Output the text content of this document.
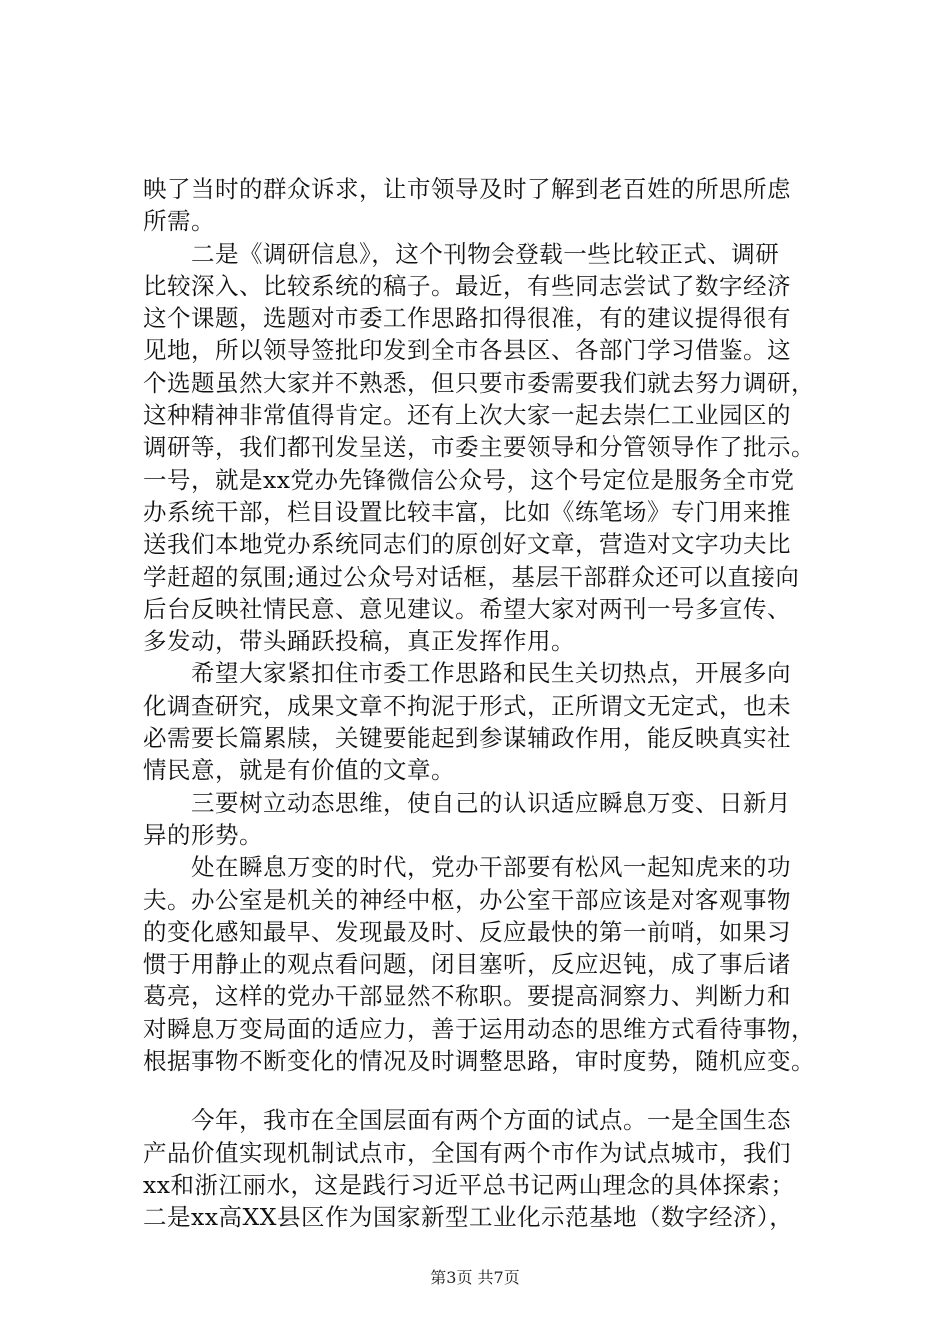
映了当时的群众诉求，让市领导及时了解到老百姓的所思所虑
所需。
　　二是《调研信息》，这个刊物会登载一些比较正式、调研
比较深入、比较系统的稿子。最近，有些同志尝试了数字经济
这个课题，选题对市委工作思路扣得很准，有的建议提得很有
见地，所以领导签批印发到全市各县区、各部门学习借鉴。这
个选题虽然大家并不熟悉，但只要市委需要我们就去努力调研，
这种精神非常值得肯定。还有上次大家一起去崇仁工业园区的
调研等，我们都刊发呈送，市委主要领导和分管领导作了批示。
一号，就是xx党办先锋微信公众号，这个号定位是服务全市党
办系统干部，栏目设置比较丰富，比如《练笔场》专门用来推
送我们本地党办系统同志们的原创好文章，营造对文字功夫比
学赶超的氛围;通过公众号对话框，基层干部群众还可以直接向
后台反映社情民意、意见建议。希望大家对两刊一号多宣传、
多发动，带头踊跃投稿，真正发挥作用。
　　希望大家紧扣住市委工作思路和民生关切热点，开展多向
化调查研究，成果文章不拘泥于形式，正所谓文无定式，也未
必需要长篇累牍，关键要能起到参谋辅政作用，能反映真实社
情民意，就是有价值的文章。
　　三要树立动态思维，使自己的认识适应瞬息万变、日新月
异的形势。
　　处在瞬息万变的时代，党办干部要有松风一起知虎来的功
夫。办公室是机关的神经中枢，办公室干部应该是对客观事物
的变化感知最早、发现最及时、反应最快的第一前哨，如果习
惯于用静止的观点看问题，闭目塞听，反应迟钝，成了事后诸
葛亮，这样的党办干部显然不称职。要提高洞察力、判断力和
对瞬息万变局面的适应力，善于运用动态的思维方式看待事物，
根据事物不断变化的情况及时调整思路，审时度势，随机应变。
　　今年，我市在全国层面有两个方面的试点。一是全国生态
产品价值实现机制试点市，全国有两个市作为试点城市，我们
xx和浙江丽水，这是践行习近平总书记两山理念的具体探索；
二是xx高XX县区作为国家新型工业化示范基地（数字经济），
第3页 共7页
